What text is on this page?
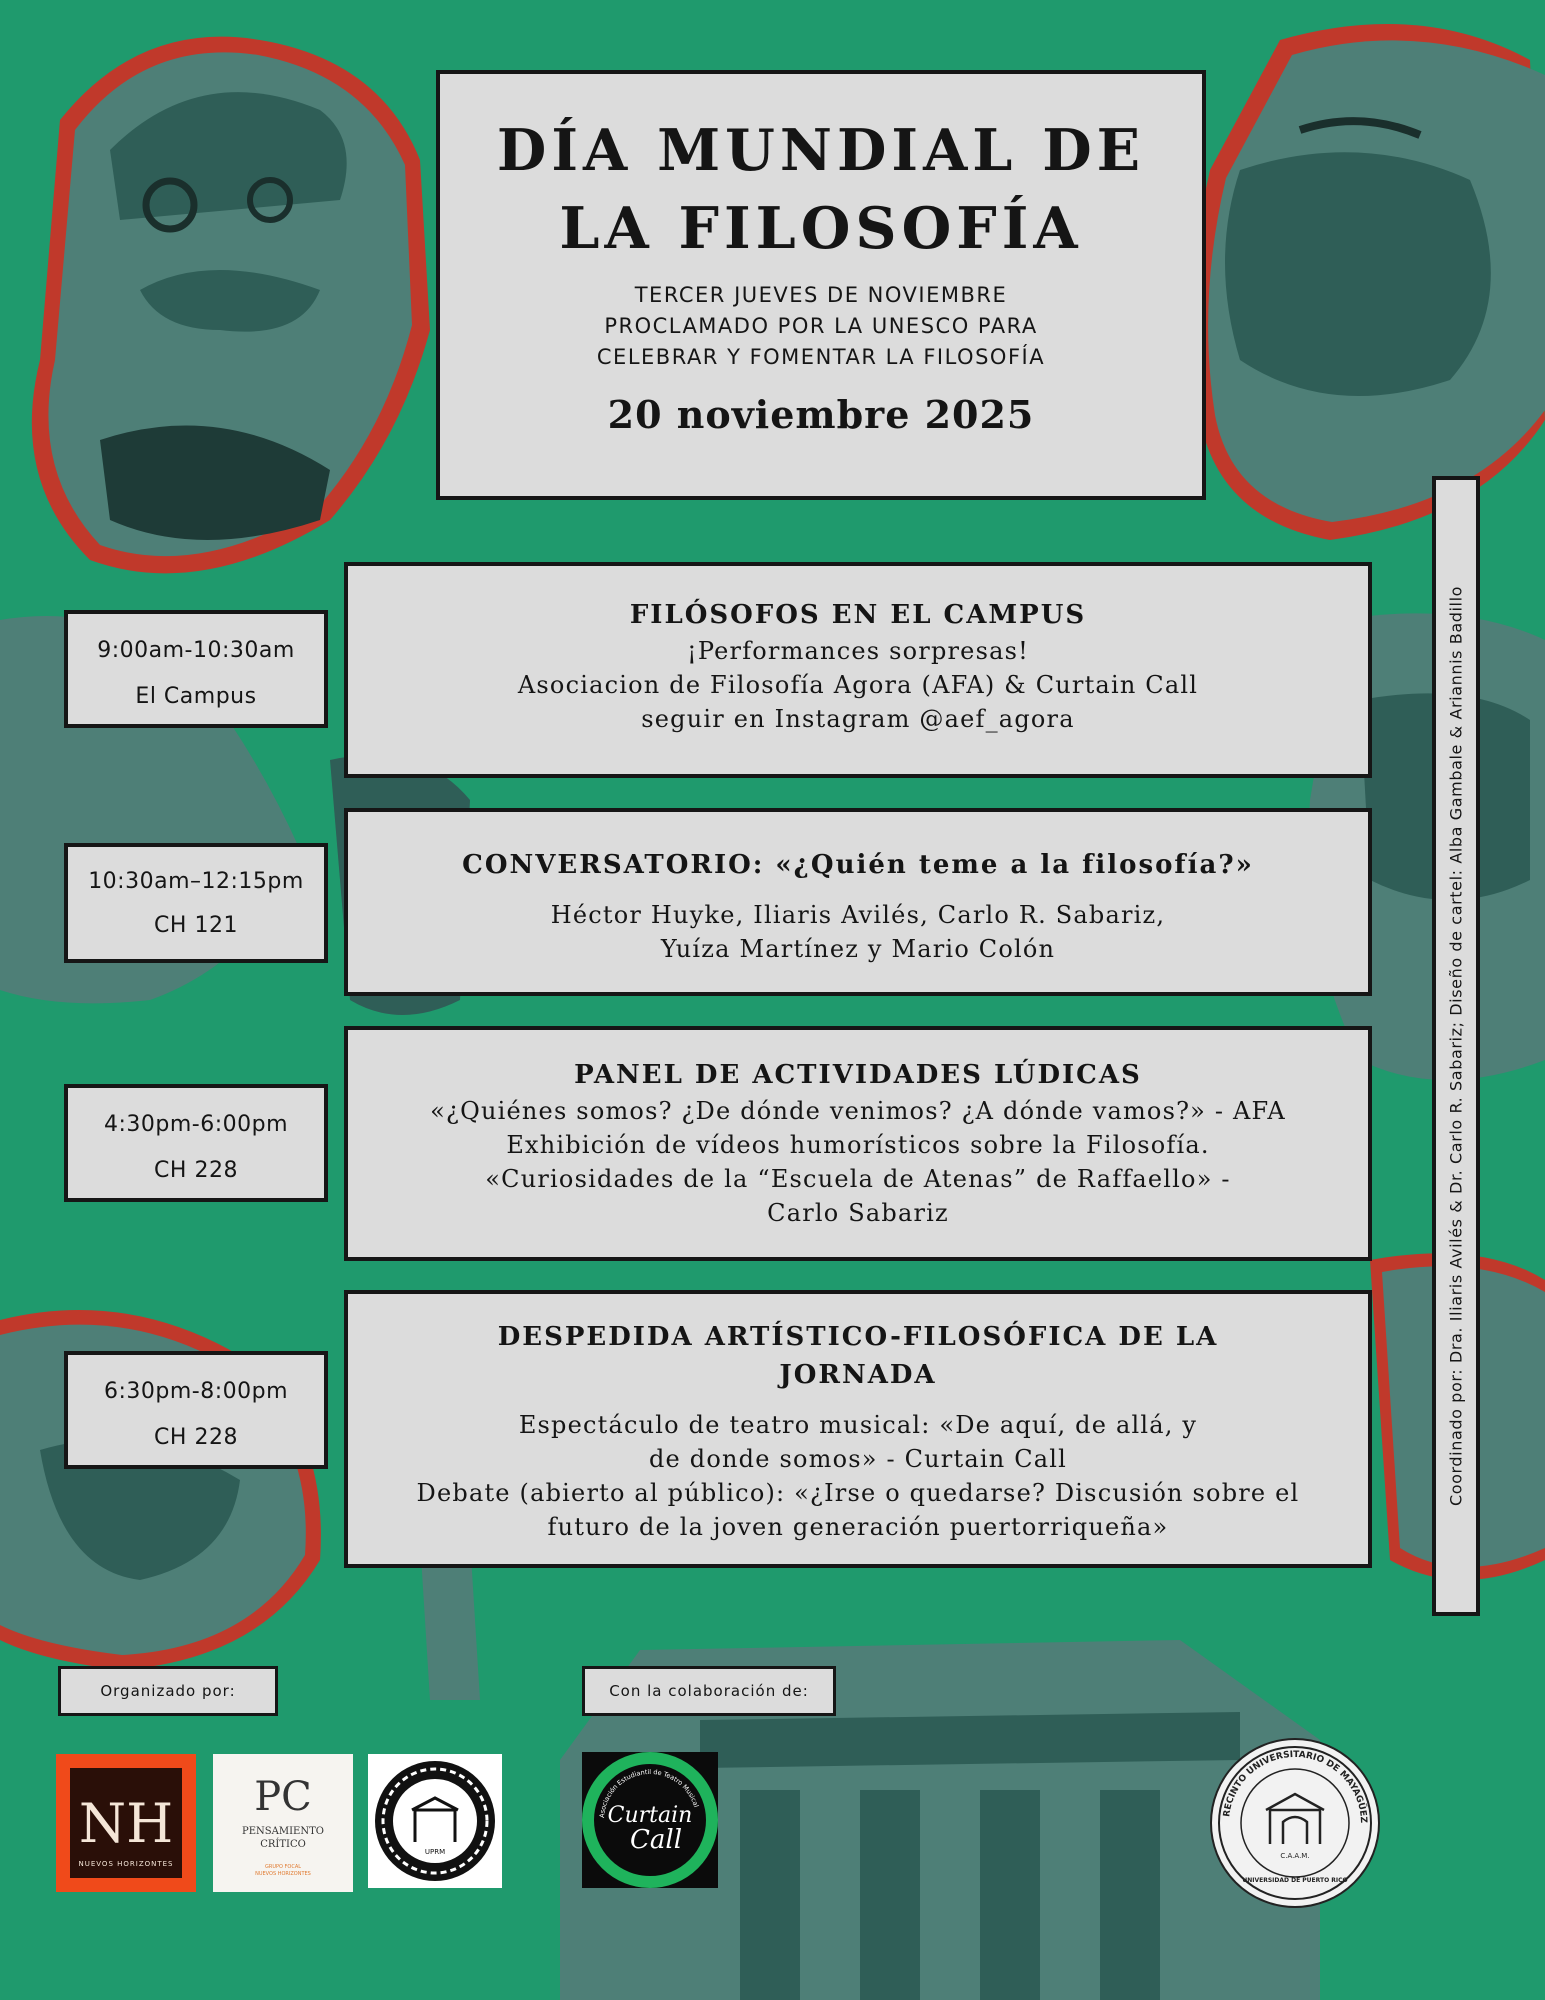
DÍA MUNDIAL DE
LA FILOSOFÍA
TERCER JUEVES DE NOVIEMBRE
PROCLAMADO POR LA UNESCO PARA
CELEBRAR Y FOMENTAR LA FILOSOFÍA
20 noviembre 2025
9:00am-10:30am
El Campus
FILÓSOFOS EN EL CAMPUS
¡Performances sorpresas!
Asociacion de Filosofía Agora (AFA) & Curtain Call
seguir en Instagram @aef_agora
10:30am–12:15pm
CH 121
CONVERSATORIO: «¿Quién teme a la filosofía?»
Héctor Huyke, Iliaris Avilés, Carlo R. Sabariz,
Yuíza Martínez y Mario Colón
4:30pm-6:00pm
CH 228
PANEL DE ACTIVIDADES LÚDICAS
«¿Quiénes somos? ¿De dónde venimos? ¿A dónde vamos?» - AFA
Exhibición de vídeos humorísticos sobre la Filosofía.
«Curiosidades de la “Escuela de Atenas” de Raffaello» -
Carlo Sabariz
6:30pm-8:00pm
CH 228
DESPEDIDA ARTÍSTICO-FILOSÓFICA DE LA
JORNADA
Espectáculo de teatro musical: «De aquí, de allá, y
de donde somos» - Curtain Call
Debate (abierto al público): «¿Irse o quedarse? Discusión sobre el
futuro de la joven generación puertorriqueña»
Coordinado por: Dra. Iliaris Avilés & Dr. Carlo R. Sabariz; Diseño de cartel: Alba Gambale & Ariannis Badillo
Organizado por:	Con la colaboración de:
NH
NUEVOS HORIZONTES
PC
PENSAMIENTO
CRÍTICO
GRUPO FOCAL
NUEVOS HORIZONTES
UPRM
Asociación Estudiantil de Teatro Musical
Curtain
Call
RECINTO UNIVERSITARIO DE MAYAGÜEZ
C.A.A.M.
UNIVERSIDAD DE PUERTO RICO
